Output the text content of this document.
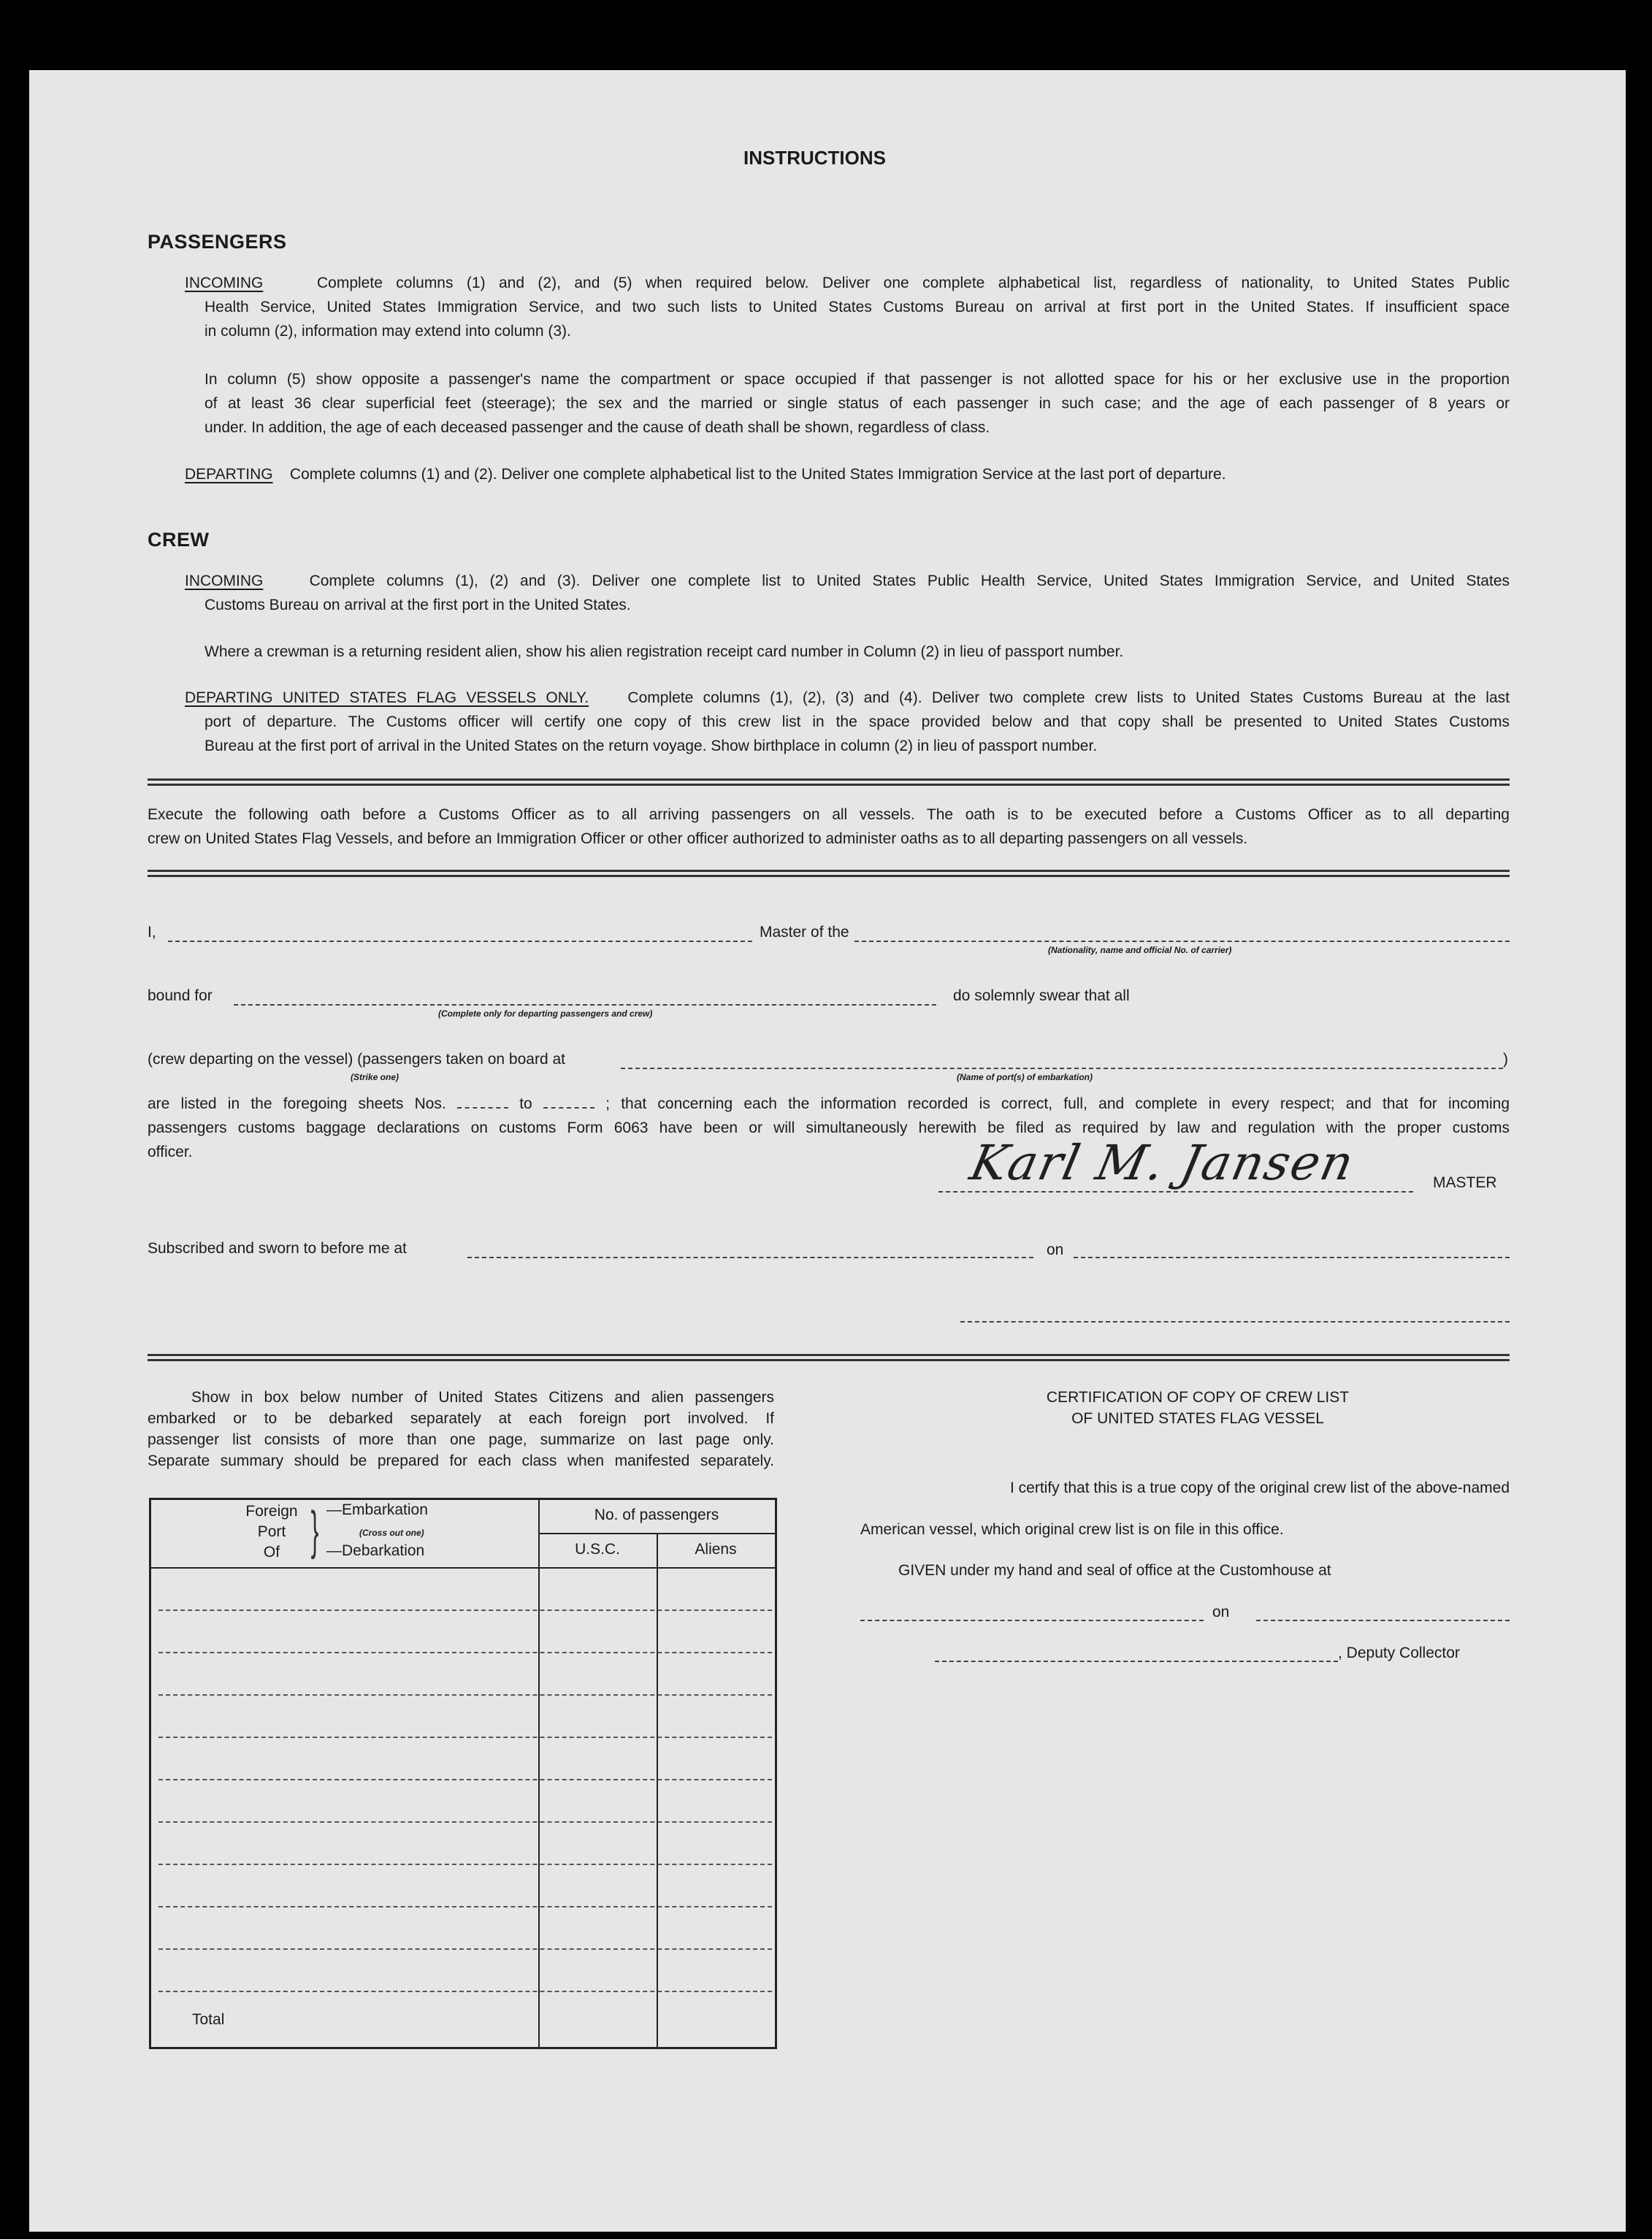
INSTRUCTIONS
PASSENGERS
INCOMING	Complete columns (1) and (2), and (5) when required below. Deliver one complete alphabetical list, regardless of nationality, to United States Public
Health Service, United States Immigration Service, and two such lists to United States Customs Bureau on arrival at first port in the United States. If insufficient space
in column (2), information may extend into column (3).
In column (5) show opposite a passenger's name the compartment or space occupied if that passenger is not allotted space for his or her exclusive use in the proportion
of at least 36 clear superficial feet (steerage); the sex and the married or single status of each passenger in such case; and the age of each passenger of 8 years or
under. In addition, the age of each deceased passenger and the cause of death shall be shown, regardless of class.
DEPARTING Complete columns (1) and (2). Deliver one complete alphabetical list to the United States Immigration Service at the last port of departure.
CREW
INCOMING	Complete columns (1), (2) and (3). Deliver one complete list to United States Public Health Service, United States Immigration Service, and United States
Customs Bureau on arrival at the first port in the United States.
Where a crewman is a returning resident alien, show his alien registration receipt card number in Column (2) in lieu of passport number.
DEPARTING UNITED STATES FLAG VESSELS ONLY.	Complete columns (1), (2), (3) and (4). Deliver two complete crew lists to United States Customs Bureau at the last
port of departure. The Customs officer will certify one copy of this crew list in the space provided below and that copy shall be presented to United States Customs
Bureau at the first port of arrival in the United States on the return voyage. Show birthplace in column (2) in lieu of passport number.
Execute the following oath before a Customs Officer as to all arriving passengers on all vessels. The oath is to be executed before a Customs Officer as to all departing
crew on United States Flag Vessels, and before an Immigration Officer or other officer authorized to administer oaths as to all departing passengers on all vessels.
I,	Master of the
(Nationality, name and official No. of carrier)
bound for
(Complete only for departing passengers and crew)
do solemnly swear that all
(crew departing on the vessel) (passengers taken on board at	)
(Strike one)	(Name of port(s) of embarkation)
are listed in the foregoing sheets Nos.	to	; that concerning each the information recorded is correct, full, and complete in every respect; and that for incoming
passengers customs baggage declarations on customs Form 6063 have been or will simultaneously herewith be filed as required by law and regulation with the proper customs
officer.	Karl M. Jansen	MASTER
Subscribed and sworn to before me at	on
Show in box below number of United States Citizens and alien passengers
embarked or to be debarked separately at each foreign port involved. If
passenger list consists of more than one page, summarize on last page only.
Separate summary should be prepared for each class when manifested separately.
Foreign
Port
Of } —Embarkation
(Cross out one)
—Debarkation
No. of passengers
U.S.C.	Aliens
Total
CERTIFICATION OF COPY OF CREW LIST
OF UNITED STATES FLAG VESSEL
I certify that this is a true copy of the original crew list of the above-named
American vessel, which original crew list is on file in this office.
GIVEN under my hand and seal of office at the Customhouse at
on
, Deputy Collector
